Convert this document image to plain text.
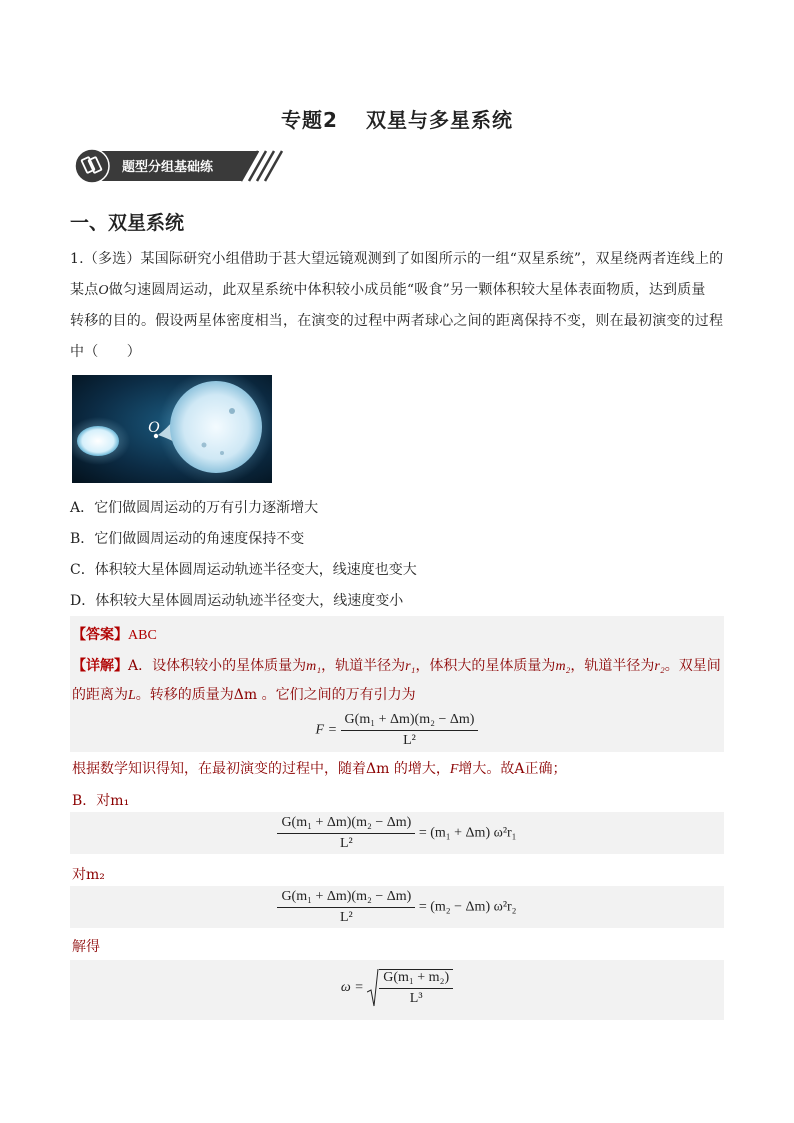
专题2 双星与多星系统
题型分组基础练
一、双星系统
1.（多选）某国际研究小组借助于甚大望远镜观测到了如图所示的一组“双星系统”，双星绕两者连线上的
某点O做匀速圆周运动，此双星系统中体积较小成员能“吸食”另一颗体积较大星体表面物质，达到质量
转移的目的。假设两星体密度相当，在演变的过程中两者球心之间的距离保持不变，则在最初演变的过程
中（　　）
O
A．它们做圆周运动的万有引力逐渐增大
B．它们做圆周运动的角速度保持不变
C．体积较大星体圆周运动轨迹半径变大，线速度也变大
D．体积较大星体圆周运动轨迹半径变大，线速度变小
【答案】ABC
【详解】A．设体积较小的星体质量为m₁，轨道半径为r₁，体积大的星体质量为m₂，轨道半径为r₂。双星间
的距离为L。转移的质量为Δm 。它们之间的万有引力为
$F = \frac{\text{G(m₁ + Δm)(m₂ − Δm)}}{\text{L²}}$
根据数学知识得知，在最初演变的过程中，随着Δm 的增大，F增大。故A正确；
B．对m₁
$\frac{\text{G(m₁ + Δm)(m₂ − Δm)}}{\text{L²}} = (m_1 + \Delta m)$ ω²r₁
对m₂
$\frac{\text{G(m₁ + Δm)(m₂ − Δm)}}{\text{L²}} = (m_2 - \Delta m)$ ω²r₂
解得
$\omega = \frac{\text{G(m₁ + m₂)}}{\text{L³}}$
